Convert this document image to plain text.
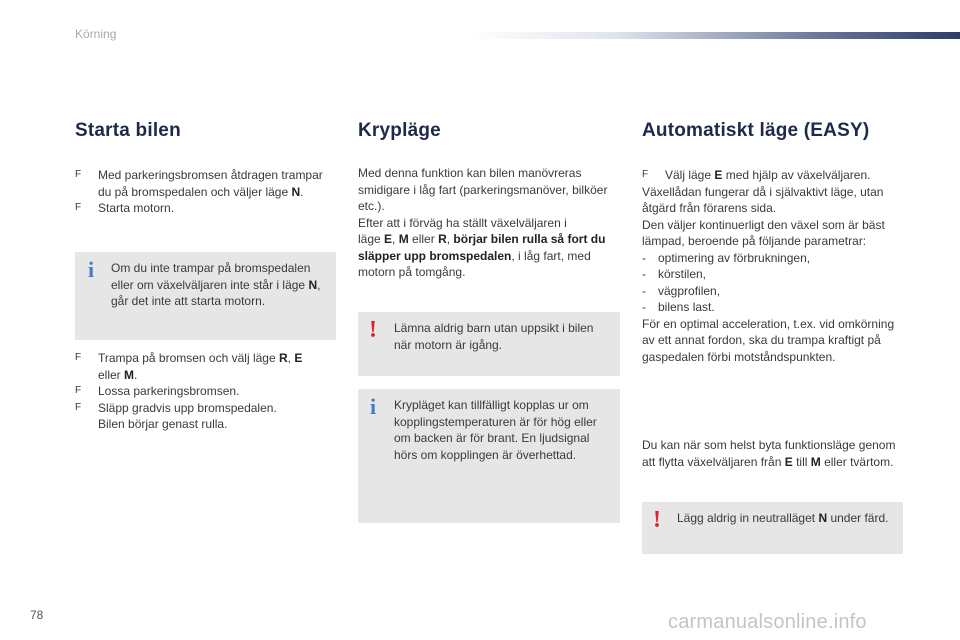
Körning
Starta bilen
F Med parkeringsbromsen åtdragen trampar
du på bromspedalen och väljer läge N.
F Starta motorn.
i Om du inte trampar på bromspedalen
eller om växelväljaren inte står i läge N,
går det inte att starta motorn.
F Trampa på bromsen och välj läge R, E
eller M.
F Lossa parkeringsbromsen.
F Släpp gradvis upp bromspedalen.
Bilen börjar genast rulla.
Krypläge
Med denna funktion kan bilen manövreras
smidigare i låg fart (parkeringsmanöver, bilköer
etc.).
Efter att i förväg ha ställt växelväljaren i
läge E, M eller R, börjar bilen rulla så fort du
släpper upp bromspedalen, i låg fart, med
motorn på tomgång.
! Lämna aldrig barn utan uppsikt i bilen
när motorn är igång.
i Krypläget kan tillfälligt kopplas ur om
kopplingstemperaturen är för hög eller
om backen är för brant. En ljudsignal
hörs om kopplingen är överhettad.
Automatiskt läge (EASY)
F Välj läge E med hjälp av växelväljaren.
Växellådan fungerar då i självaktivt läge, utan
åtgärd från förarens sida.
Den väljer kontinuerligt den växel som är bäst
lämpad, beroende på följande parametrar:
- optimering av förbrukningen,
- körstilen,
- vägprofilen,
- bilens last.
För en optimal acceleration, t.ex. vid omkörning
av ett annat fordon, ska du trampa kraftigt på
gaspedalen förbi motståndspunkten.
Du kan när som helst byta funktionsläge genom
att flytta växelväljaren från E till M eller tvärtom.
! Lägg aldrig in neutralläget N under färd.
78	carmanualsonline.info
